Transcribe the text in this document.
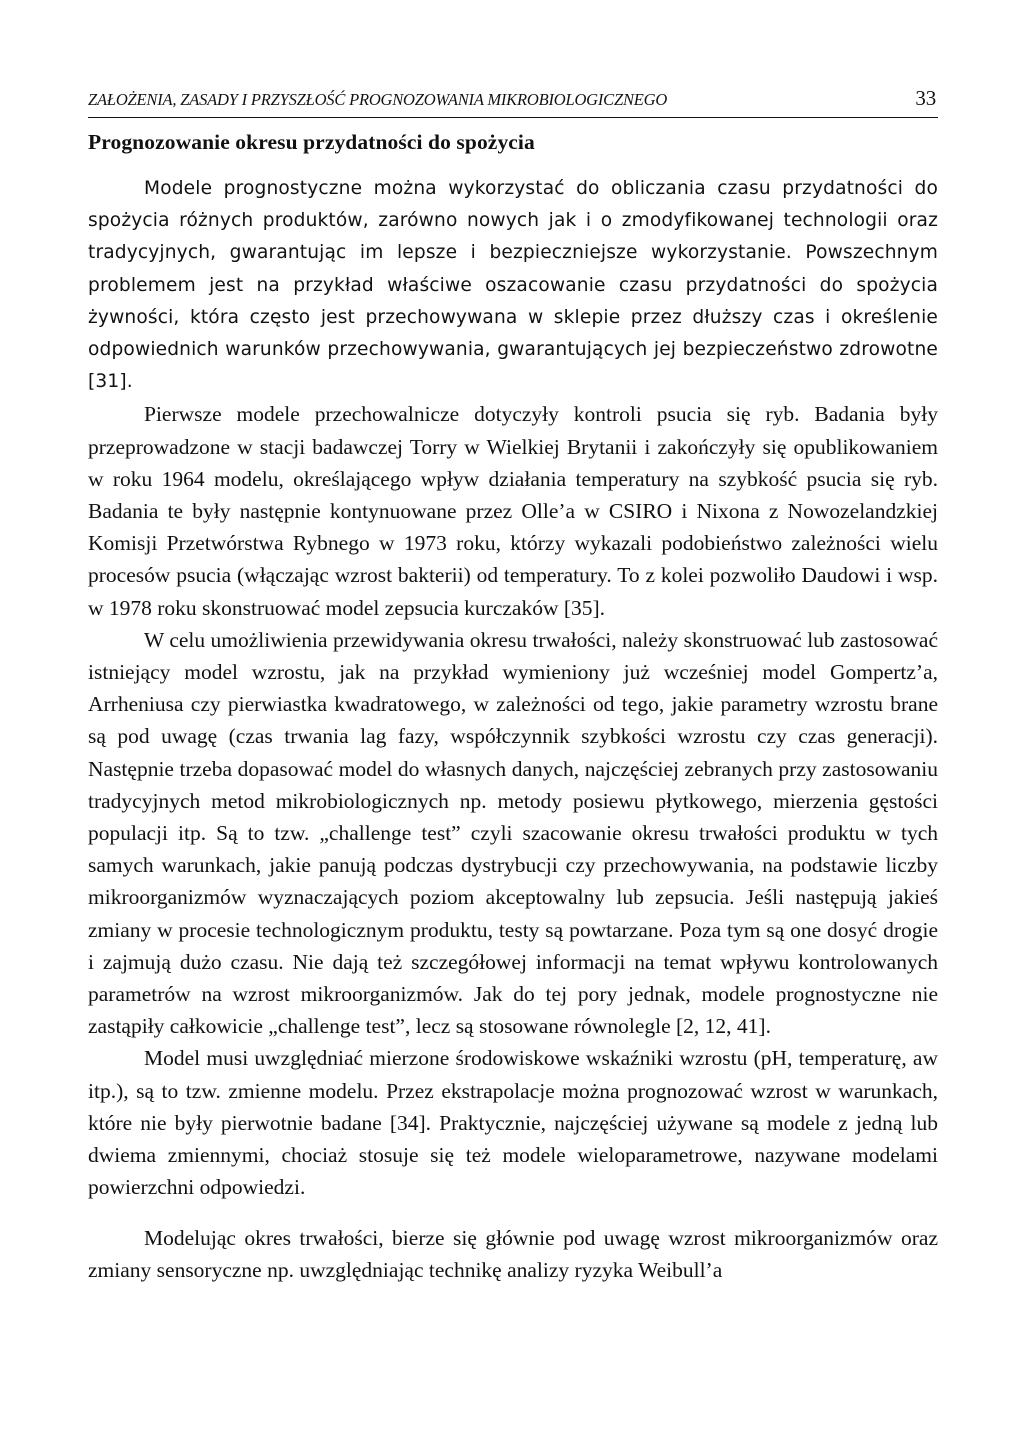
ZAŁOŻENIA, ZASADY I PRZYSZŁOŚĆ PROGNOZOWANIA MIKROBIOLOGICZNEGO	33
Prognozowanie okresu przydatności do spożycia

Modele prognostyczne można wykorzystać do obliczania czasu przydatności do spożycia różnych produktów, zarówno nowych jak i o zmodyfikowanej technologii oraz tradycyjnych, gwarantując im lepsze i bezpieczniejsze wykorzystanie. Powszechnym problemem jest na przykład właściwe oszacowanie czasu przydatności do spożycia żywności, która często jest przechowywana w sklepie przez dłuższy czas i określenie odpowiednich warunków przechowywania, gwarantujących jej bezpieczeństwo zdrowotne [31].

Pierwsze modele przechowalnicze dotyczyły kontroli psucia się ryb. Badania były przeprowadzone w stacji badawczej Torry w Wielkiej Brytanii i zakończyły się opublikowaniem w roku 1964 modelu, określającego wpływ działania temperatury na szybkość psucia się ryb. Badania te były następnie kontynuowane przez Olle’a w CSIRO i Nixona z Nowozelandzkiej Komisji Przetwórstwa Rybnego w 1973 roku, którzy wykazali podobieństwo zależności wielu procesów psucia (włączając wzrost bakterii) od temperatury. To z kolei pozwoliło Daudowi i wsp. w 1978 roku skonstruować model zepsucia kurczaków [35].

W celu umożliwienia przewidywania okresu trwałości, należy skonstruować lub zastosować istniejący model wzrostu, jak na przykład wymieniony już wcześniej model Gompertz’a, Arrheniusa czy pierwiastka kwadratowego, w zależności od tego, jakie parametry wzrostu brane są pod uwagę (czas trwania lag fazy, współczynnik szybkości wzrostu czy czas generacji). Następnie trzeba dopasować model do własnych danych, najczęściej zebranych przy zastosowaniu tradycyjnych metod mikrobiologicznych np. metody posiewu płytkowego, mierzenia gęstości populacji itp. Są to tzw. „challenge test” czyli szacowanie okresu trwałości produktu w tych samych warunkach, jakie panują podczas dystrybucji czy przechowywania, na podstawie liczby mikroorganizmów wyznaczających poziom akceptowalny lub zepsucia. Jeśli następują jakieś zmiany w procesie technologicznym produktu, testy są powtarzane. Poza tym są one dosyć drogie i zajmują dużo czasu. Nie dają też szczegółowej informacji na temat wpływu kontrolowanych parametrów na wzrost mikroorganizmów. Jak do tej pory jednak, modele prognostyczne nie zastąpiły całkowicie „challenge test”, lecz są stosowane równolegle [2, 12, 41].

Model musi uwzględniać mierzone środowiskowe wskaźniki wzrostu (pH, temperaturę, aw itp.), są to tzw. zmienne modelu. Przez ekstrapolacje można prognozować wzrost w warunkach, które nie były pierwotnie badane [34]. Praktycznie, najczęściej używane są modele z jedną lub dwiema zmiennymi, chociaż stosuje się też modele wieloparametrowe, nazywane modelami powierzchni odpowiedzi.

Modelując okres trwałości, bierze się głównie pod uwagę wzrost mikroorganizmów oraz zmiany sensoryczne np. uwzględniając technikę analizy ryzyka Weibull’a
